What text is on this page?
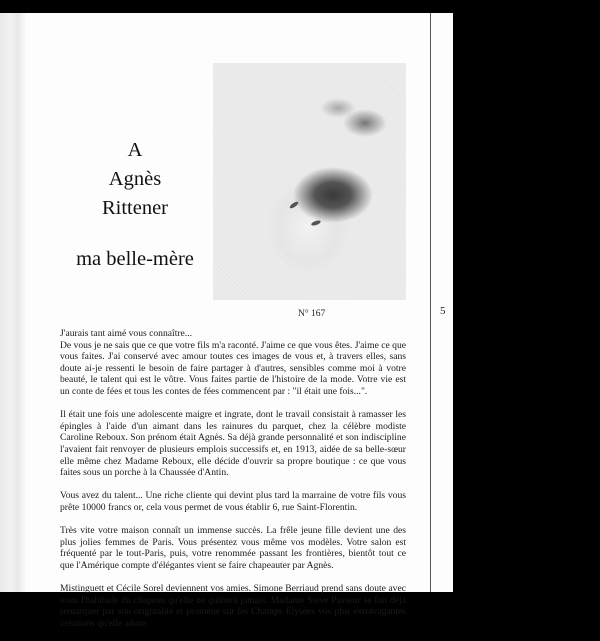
5
A
Agnès
Rittener
ma belle-mère
N° 167

J'aurais tant aimé vous connaître...

De vous je ne sais que ce que votre fils m'a raconté. J'aime ce que vous êtes. J'aime ce que vous faites. J'ai conservé avec amour toutes ces images de vous et, à travers elles, sans doute ai-je ressenti le besoin de faire partager à d'autres, sensibles comme moi à votre beauté, le talent qui est le vôtre. Vous faites partie de l'histoire de la mode. Votre vie est un conte de fées et tous les contes de fées commencent par : "il était une fois...".

Il était une fois une adolescente maigre et ingrate, dont le travail consistait à ramasser les épingles à l'aide d'un aimant dans les rainures du parquet, chez la célèbre modiste Caroline Reboux. Son prénom était Agnès. Sa déjà grande personnalité et son indiscipline l'avaient fait renvoyer de plusieurs emplois successifs et, en 1913, aidée de sa belle-sœur elle même chez Madame Reboux, elle décide d'ouvrir sa propre boutique : ce que vous faites sous un porche à la Chaussée d'Antin.

Vous avez du talent... Une riche cliente qui devint plus tard la marraine de votre fils vous prête 10000 francs or, cela vous permet de vous établir 6, rue Saint-Florentin.

Très vite votre maison connaît un immense succès. La frêle jeune fille devient une des plus jolies femmes de Paris. Vous présentez vous même vos modèles. Votre salon est fréquenté par le tout-Paris, puis, votre renommée passant les frontières, bientôt tout ce que l'Amérique compte d'élégantes vient se faire chapeauter par Agnès.

Mistinguett et Cécile Sorel deviennent vos amies. Simone Berriaud prend sans doute avec vous l'habitude du chapeau qu'elle ne quittera jamais. Madame Steve Passeur se fait déjà remarquer par son originalité et promène sur les Champs-Elysées vos plus extravagantes créations qu'elle adore.
